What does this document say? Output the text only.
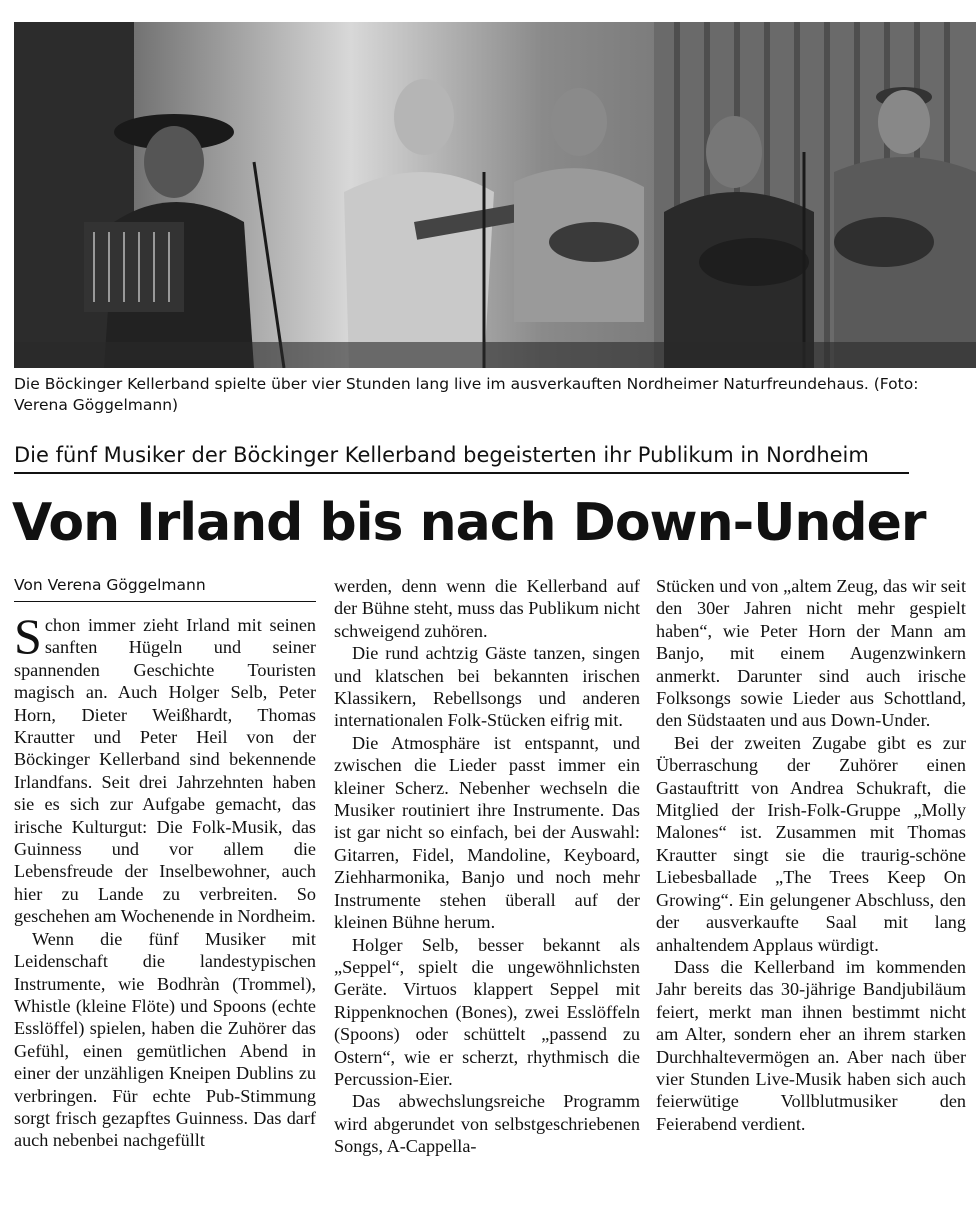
Die Böckinger Kellerband spielte über vier Stunden lang live im ausverkauften Nordheimer Naturfreundehaus. (Foto: Verena Göggelmann)
Die fünf Musiker der Böckinger Kellerband begeisterten ihr Publikum in Nordheim
Von Irland bis nach Down-Under
Von Verena Göggelmann

Schon immer zieht Irland mit seinen sanften Hügeln und seiner spannenden Geschichte Touristen magisch an. Auch Holger Selb, Peter Horn, Dieter Weißhardt, Thomas Krautter und Peter Heil von der Böckinger Kellerband sind bekennende Irlandfans. Seit drei Jahrzehnten haben sie es sich zur Aufgabe gemacht, das irische Kulturgut: Die Folk-Musik, das Guinness und vor allem die Lebensfreude der Inselbewohner, auch hier zu Lande zu verbreiten. So geschehen am Wochenende in Nordheim.

Wenn die fünf Musiker mit Leidenschaft die landestypischen Instrumente, wie Bodhràn (Trommel), Whistle (kleine Flöte) und Spoons (echte Esslöffel) spielen, haben die Zuhörer das Gefühl, einen gemütlichen Abend in einer der unzähligen Kneipen Dublins zu verbringen. Für echte Pub-Stimmung sorgt frisch gezapftes Guinness. Das darf auch nebenbei nachgefüllt

werden, denn wenn die Kellerband auf der Bühne steht, muss das Publikum nicht schweigend zuhören.

Die rund achtzig Gäste tanzen, singen und klatschen bei bekannten irischen Klassikern, Rebellsongs und anderen internationalen Folk-Stücken eifrig mit.

Die Atmosphäre ist entspannt, und zwischen die Lieder passt immer ein kleiner Scherz. Nebenher wechseln die Musiker routiniert ihre Instrumente. Das ist gar nicht so einfach, bei der Auswahl: Gitarren, Fidel, Mandoline, Keyboard, Ziehharmonika, Banjo und noch mehr Instrumente stehen überall auf der kleinen Bühne herum.

Holger Selb, besser bekannt als „Seppel“, spielt die ungewöhnlichsten Geräte. Virtuos klappert Seppel mit Rippenknochen (Bones), zwei Esslöffeln (Spoons) oder schüttelt „passend zu Ostern“, wie er scherzt, rhythmisch die Percussion-Eier.

Das abwechslungsreiche Programm wird abgerundet von selbstgeschriebenen Songs, A-Cappella-

Stücken und von „altem Zeug, das wir seit den 30er Jahren nicht mehr gespielt haben“, wie Peter Horn der Mann am Banjo, mit einem Augenzwinkern anmerkt. Darunter sind auch irische Folksongs sowie Lieder aus Schottland, den Südstaaten und aus Down-Under.

Bei der zweiten Zugabe gibt es zur Überraschung der Zuhörer einen Gastauftritt von Andrea Schukraft, die Mitglied der Irish-Folk-Gruppe „Molly Malones“ ist. Zusammen mit Thomas Krautter singt sie die traurig-schöne Liebesballade „The Trees Keep On Growing“. Ein gelungener Abschluss, den der ausverkaufte Saal mit lang anhaltendem Applaus würdigt.

Dass die Kellerband im kommenden Jahr bereits das 30-jährige Bandjubiläum feiert, merkt man ihnen bestimmt nicht am Alter, sondern eher an ihrem starken Durchhaltevermögen an. Aber nach über vier Stunden Live-Musik haben sich auch feierwütige Vollblutmusiker den Feierabend verdient.
